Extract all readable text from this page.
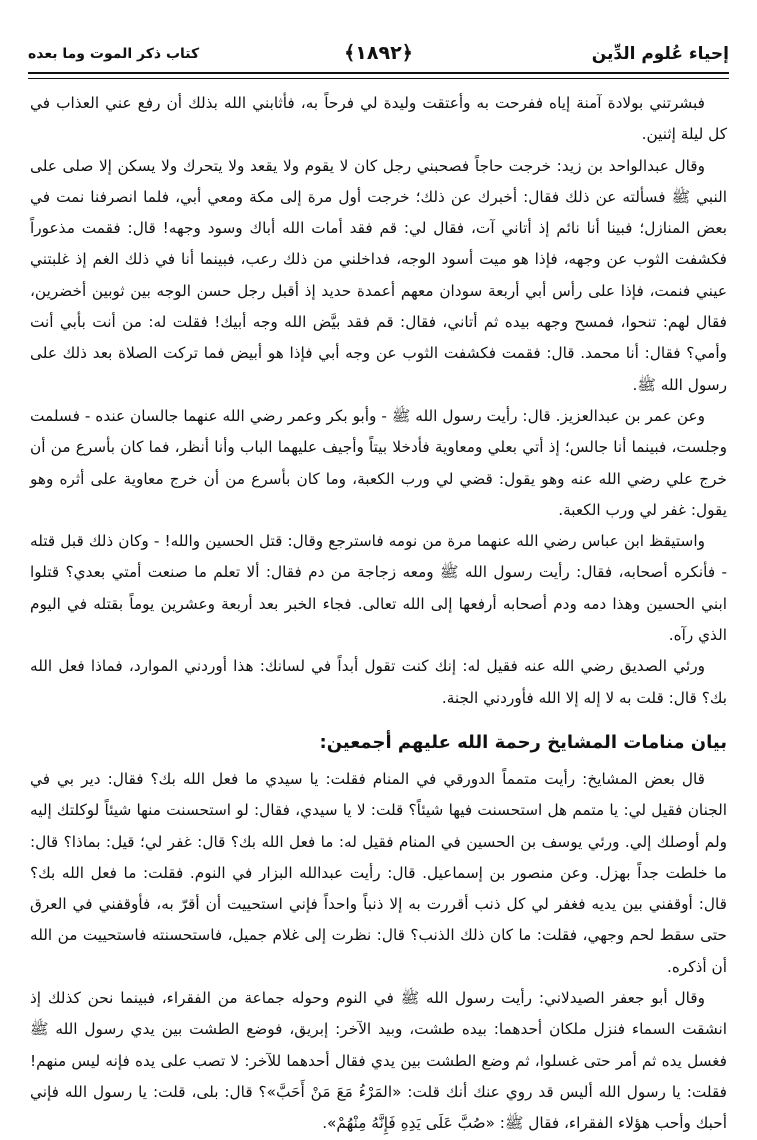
إحياء عُلوم الدِّين
﴿١٨٩٢﴾
كتاب ذكر الموت وما بعده

فبشرتني بولادة آمنة إياه ففرحت به وأعتقت وليدة لي فرحاً به، فأثابني الله بذلك أن رفع عني العذاب في كل ليلة إثنين.

وقال عبدالواحد بن زيد: خرجت حاجاً فصحبني رجل كان لا يقوم ولا يقعد ولا يتحرك ولا يسكن إلا صلى على النبي ﷺ فسألته عن ذلك فقال: أخبرك عن ذلك؛ خرجت أول مرة إلى مكة ومعي أبي، فلما انصرفنا نمت في بعض المنازل؛ فبينا أنا نائم إذ أتاني آت، فقال لي: قم فقد أمات الله أباك وسود وجهه! قال: فقمت مذعوراً فكشفت الثوب عن وجهه، فإذا هو ميت أسود الوجه، فداخلني من ذلك رعب، فبينما أنا في ذلك الغم إذ غلبتني عيني فنمت، فإذا على رأس أبي أربعة سودان معهم أعمدة حديد إذ أقبل رجل حسن الوجه بين ثوبين أخضرين، فقال لهم: تنحوا، فمسح وجهه بيده ثم أتاني، فقال: قم فقد بيَّض الله وجه أبيك! فقلت له: من أنت بأبي أنت وأمي؟ فقال: أنا محمد. قال: فقمت فكشفت الثوب عن وجه أبي فإذا هو أبيض فما تركت الصلاة بعد ذلك على رسول الله ﷺ.

وعن عمر بن عبدالعزيز. قال: رأيت رسول الله ﷺ - وأبو بكر وعمر رضي الله عنهما جالسان عنده - فسلمت وجلست، فبينما أنا جالس؛ إذ أتي بعلي ومعاوية فأدخلا بيتاً وأجيف عليهما الباب وأنا أنظر، فما كان بأسرع من أن خرج علي رضي الله عنه وهو يقول: قضي لي ورب الكعبة، وما كان بأسرع من أن خرج معاوية على أثره وهو يقول: غفر لي ورب الكعبة.

واستيقظ ابن عباس رضي الله عنهما مرة من نومه فاسترجع وقال: قتل الحسين والله! - وكان ذلك قبل قتله - فأنكره أصحابه، فقال: رأيت رسول الله ﷺ ومعه زجاجة من دم فقال: ألا تعلم ما صنعت أمتي بعدي؟ قتلوا ابني الحسين وهذا دمه ودم أصحابه أرفعها إلى الله تعالى. فجاء الخبر بعد أربعة وعشرين يوماً بقتله في اليوم الذي رآه.

ورئي الصديق رضي الله عنه فقيل له: إنك كنت تقول أبداً في لسانك: هذا أوردني الموارد، فماذا فعل الله بك؟ قال: قلت به لا إله إلا الله فأوردني الجنة.

بيان منامات المشايخ رحمة الله عليهم أجمعين:

قال بعض المشايخ: رأيت متمماً الدورقي في المنام فقلت: يا سيدي ما فعل الله بك؟ فقال: دير بي في الجنان فقيل لي: يا متمم هل استحسنت فيها شيئاً؟ قلت: لا يا سيدي، فقال: لو استحسنت منها شيئاً لوكلتك إليه ولم أوصلك إلي. ورئي يوسف بن الحسين في المنام فقيل له: ما فعل الله بك؟ قال: غفر لي؛ قيل: بماذا؟ قال: ما خلطت جداً بهزل. وعن منصور بن إسماعيل. قال: رأيت عبدالله البزار في النوم. فقلت: ما فعل الله بك؟ قال: أوقفني بين يديه فغفر لي كل ذنب أقررت به إلا ذنباً واحداً فإني استحييت أن أقرّ به، فأوقفني في العرق حتى سقط لحم وجهي، فقلت: ما كان ذلك الذنب؟ قال: نظرت إلى غلام جميل، فاستحسنته فاستحييت من الله أن أذكره.

وقال أبو جعفر الصيدلاني: رأيت رسول الله ﷺ في النوم وحوله جماعة من الفقراء، فبينما نحن كذلك إذ انشقت السماء فنزل ملكان أحدهما: بيده طشت، وبيد الآخر: إبريق، فوضع الطشت بين يدي رسول الله ﷺ فغسل يده ثم أمر حتى غسلوا، ثم وضع الطشت بين يدي فقال أحدهما للآخر: لا تصب على يده فإنه ليس منهم! فقلت: يا رسول الله أليس قد روي عنك أنك قلت: «المَرْءُ مَعَ مَنْ أَحَبَّ»؟ قال: بلى، قلت: يا رسول الله فإني أحبك وأحب هؤلاء الفقراء، فقال ﷺ: «صُبَّ عَلَى يَدِهِ فَإِنَّهُ مِنْهُمْ».
